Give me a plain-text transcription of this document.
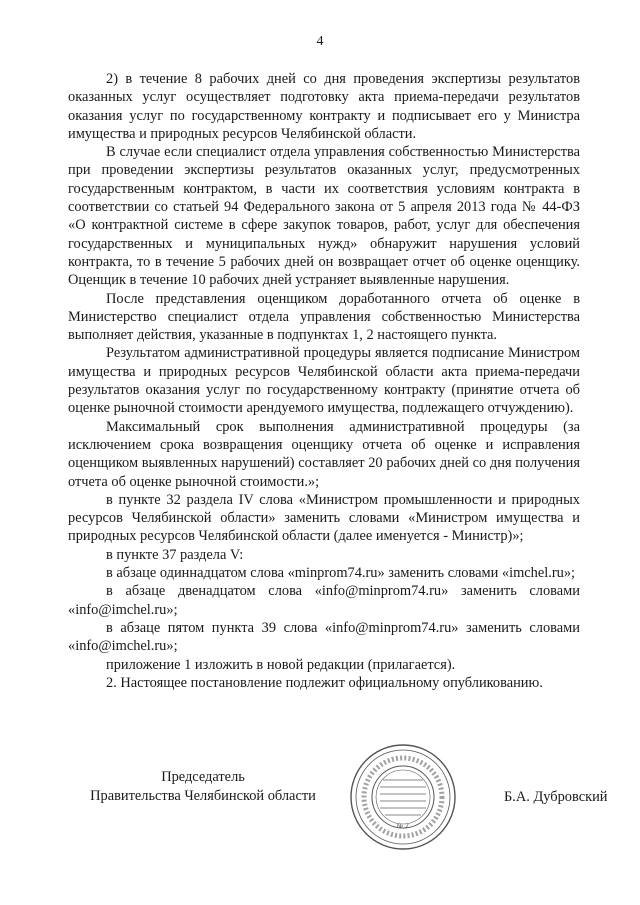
4

2) в течение 8 рабочих дней со дня проведения экспертизы результатов оказанных услуг осуществляет подготовку акта приема-передачи результатов оказания услуг по государственному контракту и подписывает его у Министра имущества и природных ресурсов Челябинской области.

В случае если специалист отдела управления собственностью Министерства при проведении экспертизы результатов оказанных услуг, предусмотренных государственным контрактом, в части их соответствия условиям контракта в соответствии со статьей 94 Федерального закона от 5 апреля 2013 года № 44-ФЗ «О контрактной системе в сфере закупок товаров, работ, услуг для обеспечения государственных и муниципальных нужд» обнаружит нарушения условий контракта, то в течение 5 рабочих дней он возвращает отчет об оценке оценщику. Оценщик в течение 10 рабочих дней устраняет выявленные нарушения.

После представления оценщиком доработанного отчета об оценке в Министерство специалист отдела управления собственностью Министерства выполняет действия, указанные в подпунктах 1, 2 настоящего пункта.

Результатом административной процедуры является подписание Министром имущества и природных ресурсов Челябинской области акта приема-передачи результатов оказания услуг по государственному контракту (принятие отчета об оценке рыночной стоимости арендуемого имущества, подлежащего отчуждению).

Максимальный срок выполнения административной процедуры (за исключением срока возвращения оценщику отчета об оценке и исправления оценщиком выявленных нарушений) составляет 20 рабочих дней со дня получения отчета об оценке рыночной стоимости.»;

в пункте 32 раздела IV слова «Министром промышленности и природных ресурсов Челябинской области» заменить словами «Министром имущества и природных ресурсов Челябинской области (далее именуется - Министр)»;

в пункте 37 раздела V:

в абзаце одиннадцатом слова «minprom74.ru» заменить словами «imchel.ru»;

в абзаце двенадцатом слова «info@minprom74.ru» заменить словами «info@imchel.ru»;

в абзаце пятом пункта 39 слова «info@minprom74.ru» заменить словами «info@imchel.ru»;

приложение 1 изложить в новой редакции (прилагается).

2. Настоящее постановление подлежит официальному опубликованию.

Председатель
Правительства Челябинской области	Б.А. Дубровский
№ 2
